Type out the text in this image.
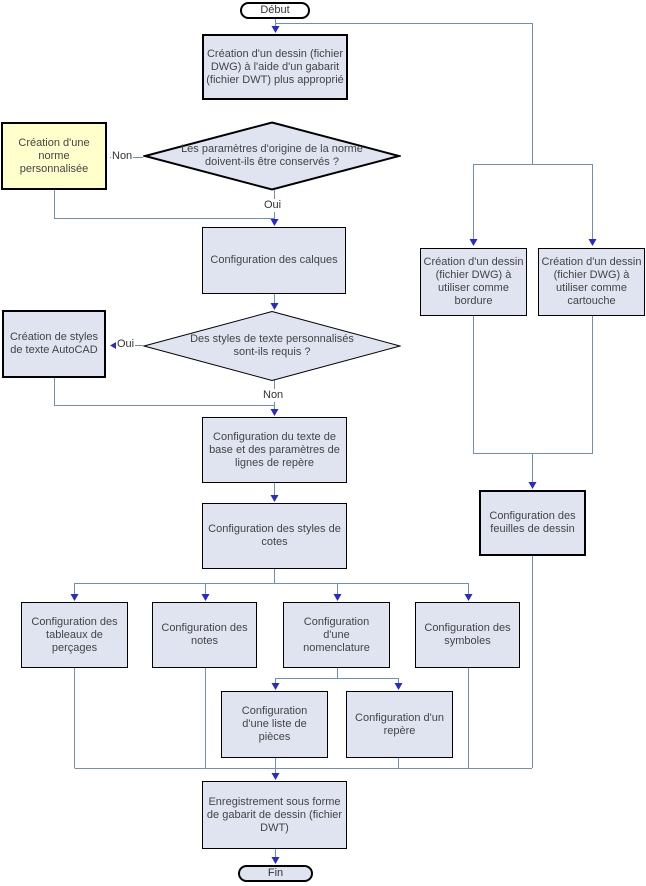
Début
Création d'un dessin (fichier DWG) à l'aide d'un gabarit (fichier DWT) plus approprié
Les paramètres d'origine de la norme doivent-ils être conservés ?
Création d'une norme personnalisée
Configuration des calques
Des styles de texte personnalisés sont-ils requis ?
Création de styles de texte AutoCAD
Configuration du texte de base et des paramètres de lignes de repère
Configuration des styles de cotes
Configuration des tableaux de perçages
Configuration des notes
Configuration d'une nomenclature
Configuration des symboles
Configuration d'une liste de pièces
Configuration d'un repère
Création d'un dessin (fichier DWG) à utiliser comme bordure
Création d'un dessin (fichier DWG) à utiliser comme cartouche
Configuration des feuilles de dessin
Enregistrement sous forme de gabarit de dessin (fichier DWT)
Fin
Non
Oui
Oui
Non
